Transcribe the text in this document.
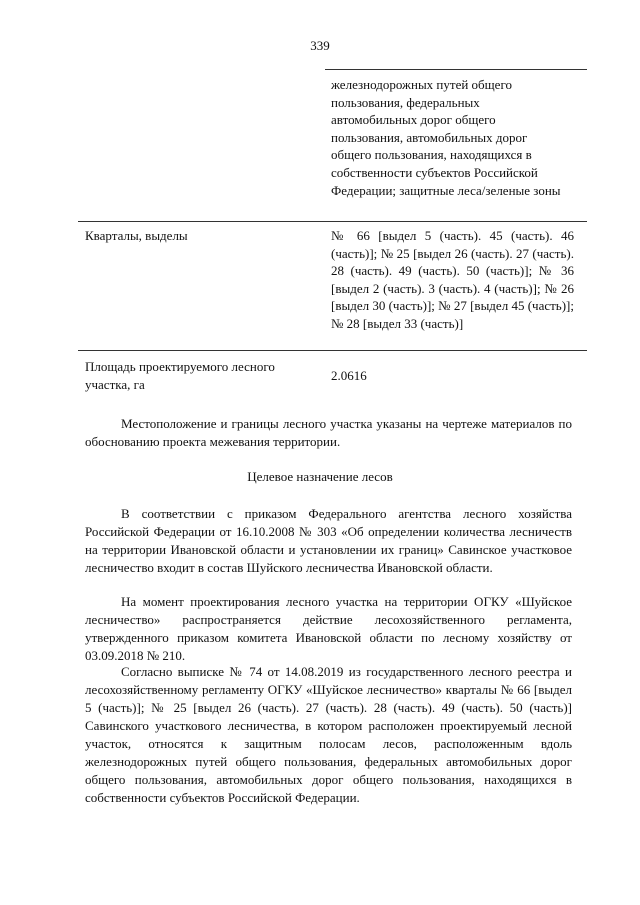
339
железнодорожных путей общего пользования, федеральных автомобильных дорог общего пользования, автомобильных дорог общего пользования, находящихся в собственности субъектов Российской Федерации; защитные леса/зеленые зоны
Кварталы, выделы	№ 66 [выдел 5 (часть). 45 (часть). 46 (часть)]; № 25 [выдел 26 (часть). 27 (часть). 28 (часть). 49 (часть). 50 (часть)]; № 36 [выдел 2 (часть). 3 (часть). 4 (часть)]; № 26 [выдел 30 (часть)]; № 27 [выдел 45 (часть)]; № 28 [выдел 33 (часть)]
Площадь проектируемого лесного участка, га
2.0616
Местоположение и границы лесного участка указаны на чертеже материалов по обоснованию проекта межевания территории.
Целевое назначение лесов
В соответствии с приказом Федерального агентства лесного хозяйства Российской Федерации от 16.10.2008 № 303 «Об определении количества лесничеств на территории Ивановской области и установлении их границ» Савинское участковое лесничество входит в состав Шуйского лесничества Ивановской области.
На момент проектирования лесного участка на территории ОГКУ «Шуйское лесничество» распространяется действие лесохозяйственного регламента, утвержденного приказом комитета Ивановской области по лесному хозяйству от 03.09.2018 № 210.
Согласно выписке № 74 от 14.08.2019 из государственного лесного реестра и лесохозяйственному регламенту ОГКУ «Шуйское лесничество» кварталы № 66 [выдел 5 (часть)]; № 25 [выдел 26 (часть). 27 (часть). 28 (часть). 49 (часть). 50 (часть)] Савинского участкового лесничества, в котором расположен проектируемый лесной участок, относятся к защитным полосам лесов, расположенным вдоль железнодорожных путей общего пользования, федеральных автомобильных дорог общего пользования, автомобильных дорог общего пользования, находящихся в собственности субъектов Российской Федерации.
